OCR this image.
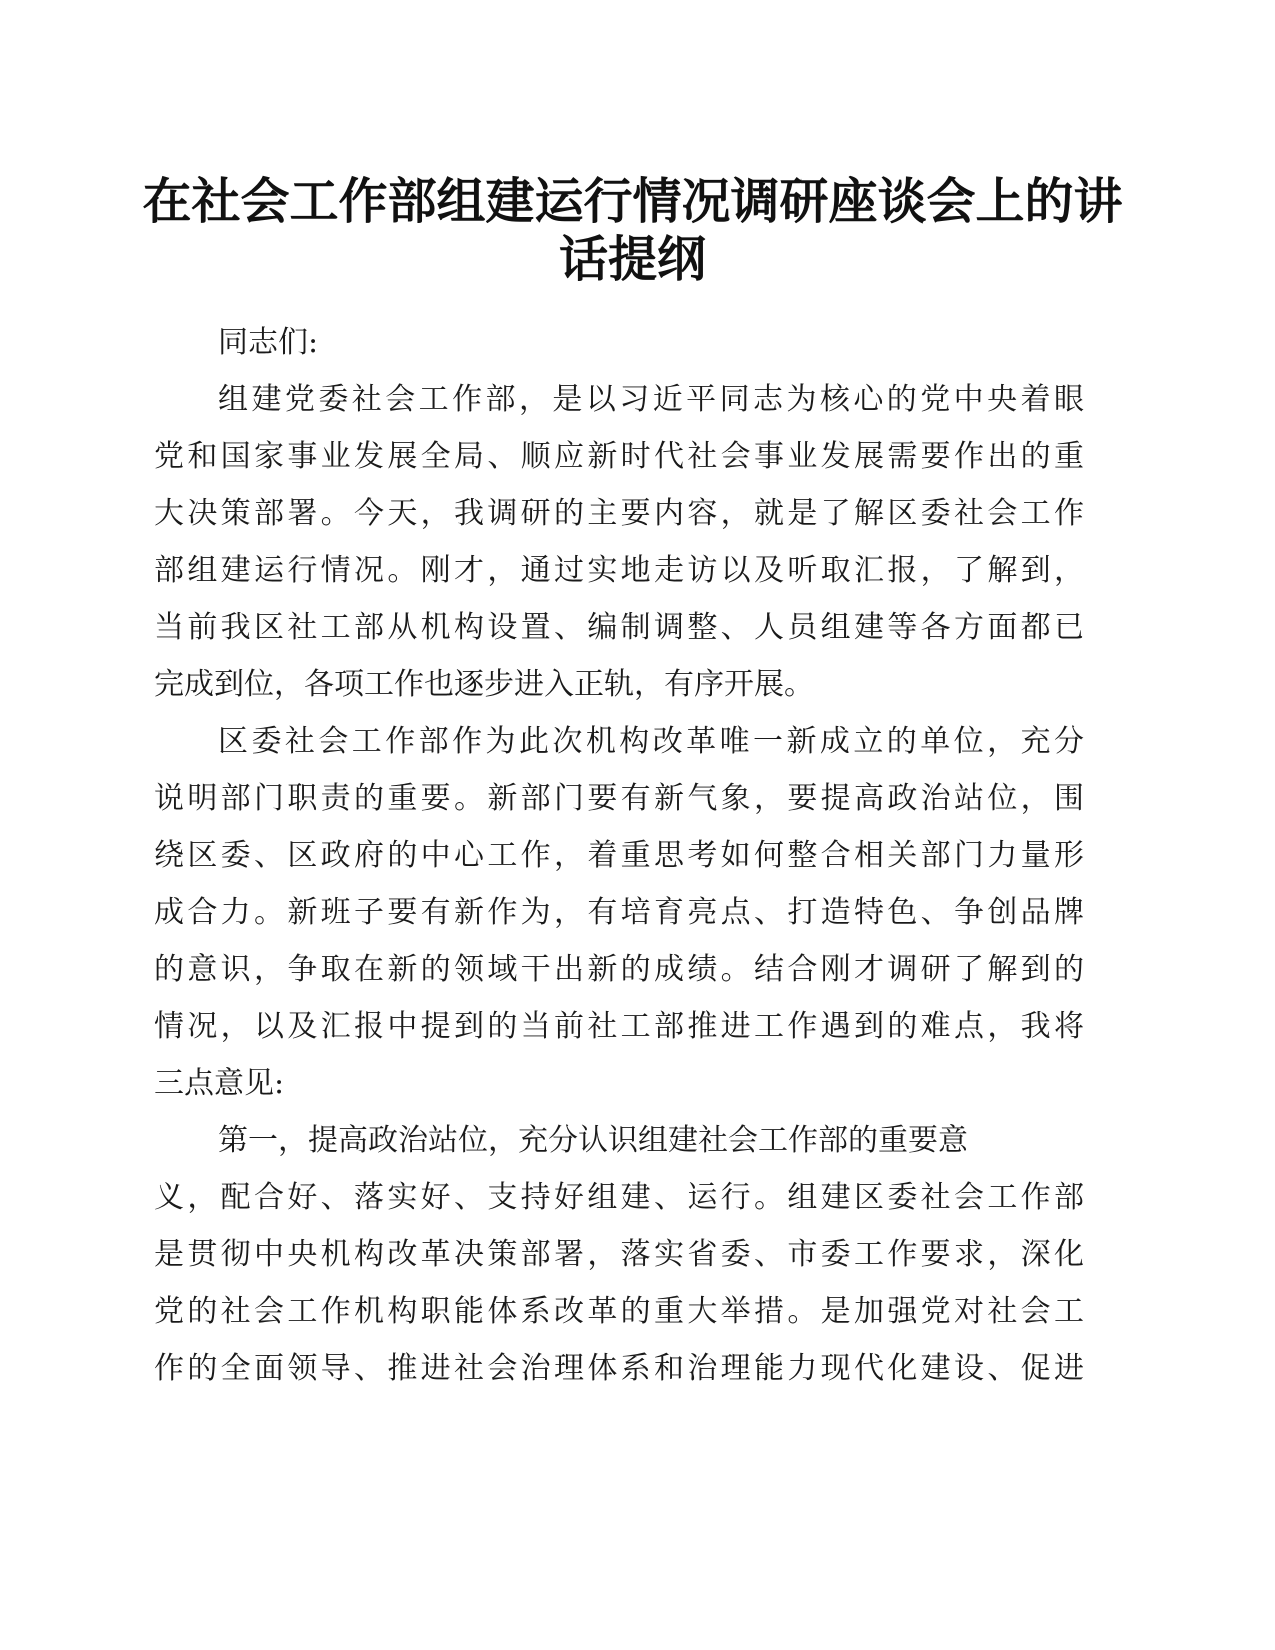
在社会工作部组建运行情况调研座谈会上的讲
话提纲
同志们:
组建党委社会工作部，是以习近平同志为核心的党中央着眼
党和国家事业发展全局、顺应新时代社会事业发展需要作出的重
大决策部署。今天，我调研的主要内容，就是了解区委社会工作
部组建运行情况。刚才，通过实地走访以及听取汇报，了解到，
当前我区社工部从机构设置、编制调整、人员组建等各方面都已
完成到位，各项工作也逐步进入正轨，有序开展。
区委社会工作部作为此次机构改革唯一新成立的单位，充分
说明部门职责的重要。新部门要有新气象，要提高政治站位，围
绕区委、区政府的中心工作，着重思考如何整合相关部门力量形
成合力。新班子要有新作为，有培育亮点、打造特色、争创品牌
的意识，争取在新的领域干出新的成绩。结合刚才调研了解到的
情况，以及汇报中提到的当前社工部推进工作遇到的难点，我将
三点意见:
第一，提高政治站位，充分认识组建社会工作部的重要意
义，配合好、落实好、支持好组建、运行。组建区委社会工作部
是贯彻中央机构改革决策部署，落实省委、市委工作要求，深化
党的社会工作机构职能体系改革的重大举措。是加强党对社会工
作的全面领导、推进社会治理体系和治理能力现代化建设、促进
